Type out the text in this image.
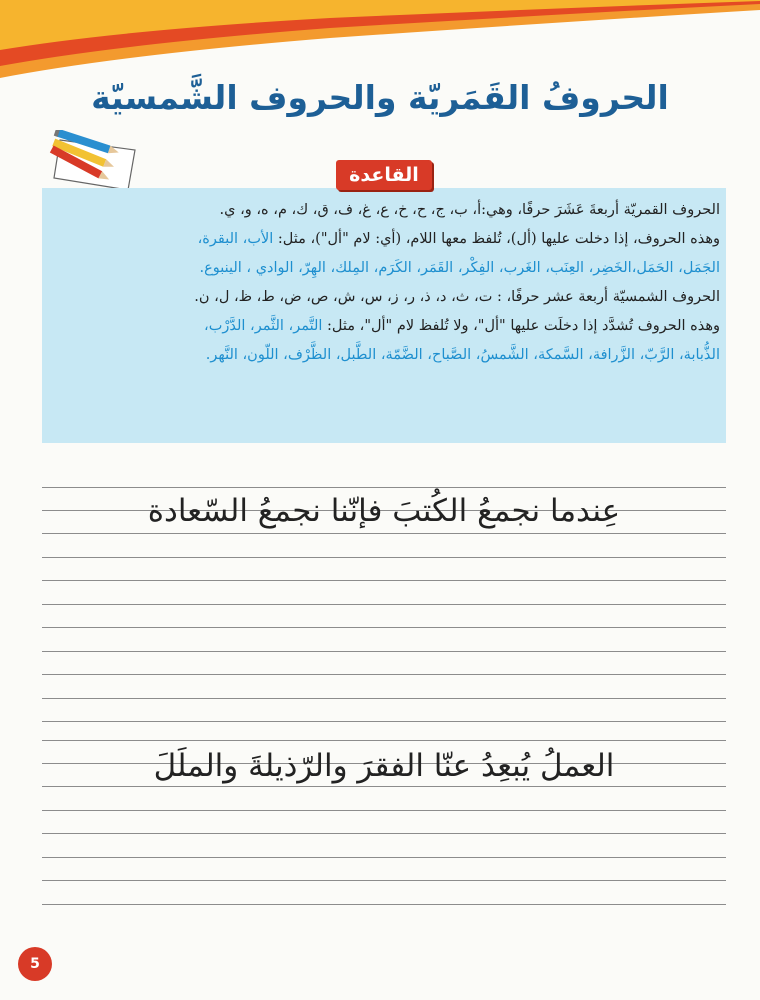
الحروفُ القَمَريّة والحروف الشَّمسيّة
القاعدة

الحروف القمريّة أربعةَ عَشَرَ حرفًا، وهي:أ، ب، ج، ح، خ، ع، غ، ف، ق، ك، م، ه، و، ي.

وهذه الحروف، إذا دخلت عليها (أل)، تُلفظ معها اللام، (أي: لام "أل")، مثل: الأب، البقرة،

الجَمَل، الحَمَل،الخَضِر، العِنَب، الغَرب، الفِكْر، القَمَر، الكَرَم، المِلك، الهِرّ، الوادي ، الينبوع.

الحروف الشمسيّة أربعة عشر حرفًا، : ت، ث، د، ذ، ر، ز، س، ش، ص، ض، ط، ظ، ل، ن.

وهذه الحروف تُشدَّد إذا دخلَت عليها "أل"، ولا تُلفظ لام "أل"، مثل: التَّمر، الثَّمر، الدَّرْب،

الذُّبابة، الرَّبّ، الزَّرافة، السَّمكة، الشَّمسُ، الصَّباح، الضَّمّة، الطَّبل، الظَّرْف، اللّون، النَّهر.

عِندما نجمعُ الكُتبَ فإنّنا نجمعُ السّعادة
العملُ يُبعِدُ عنّا الفقرَ والرّذيلةَ والملَلَ
5
